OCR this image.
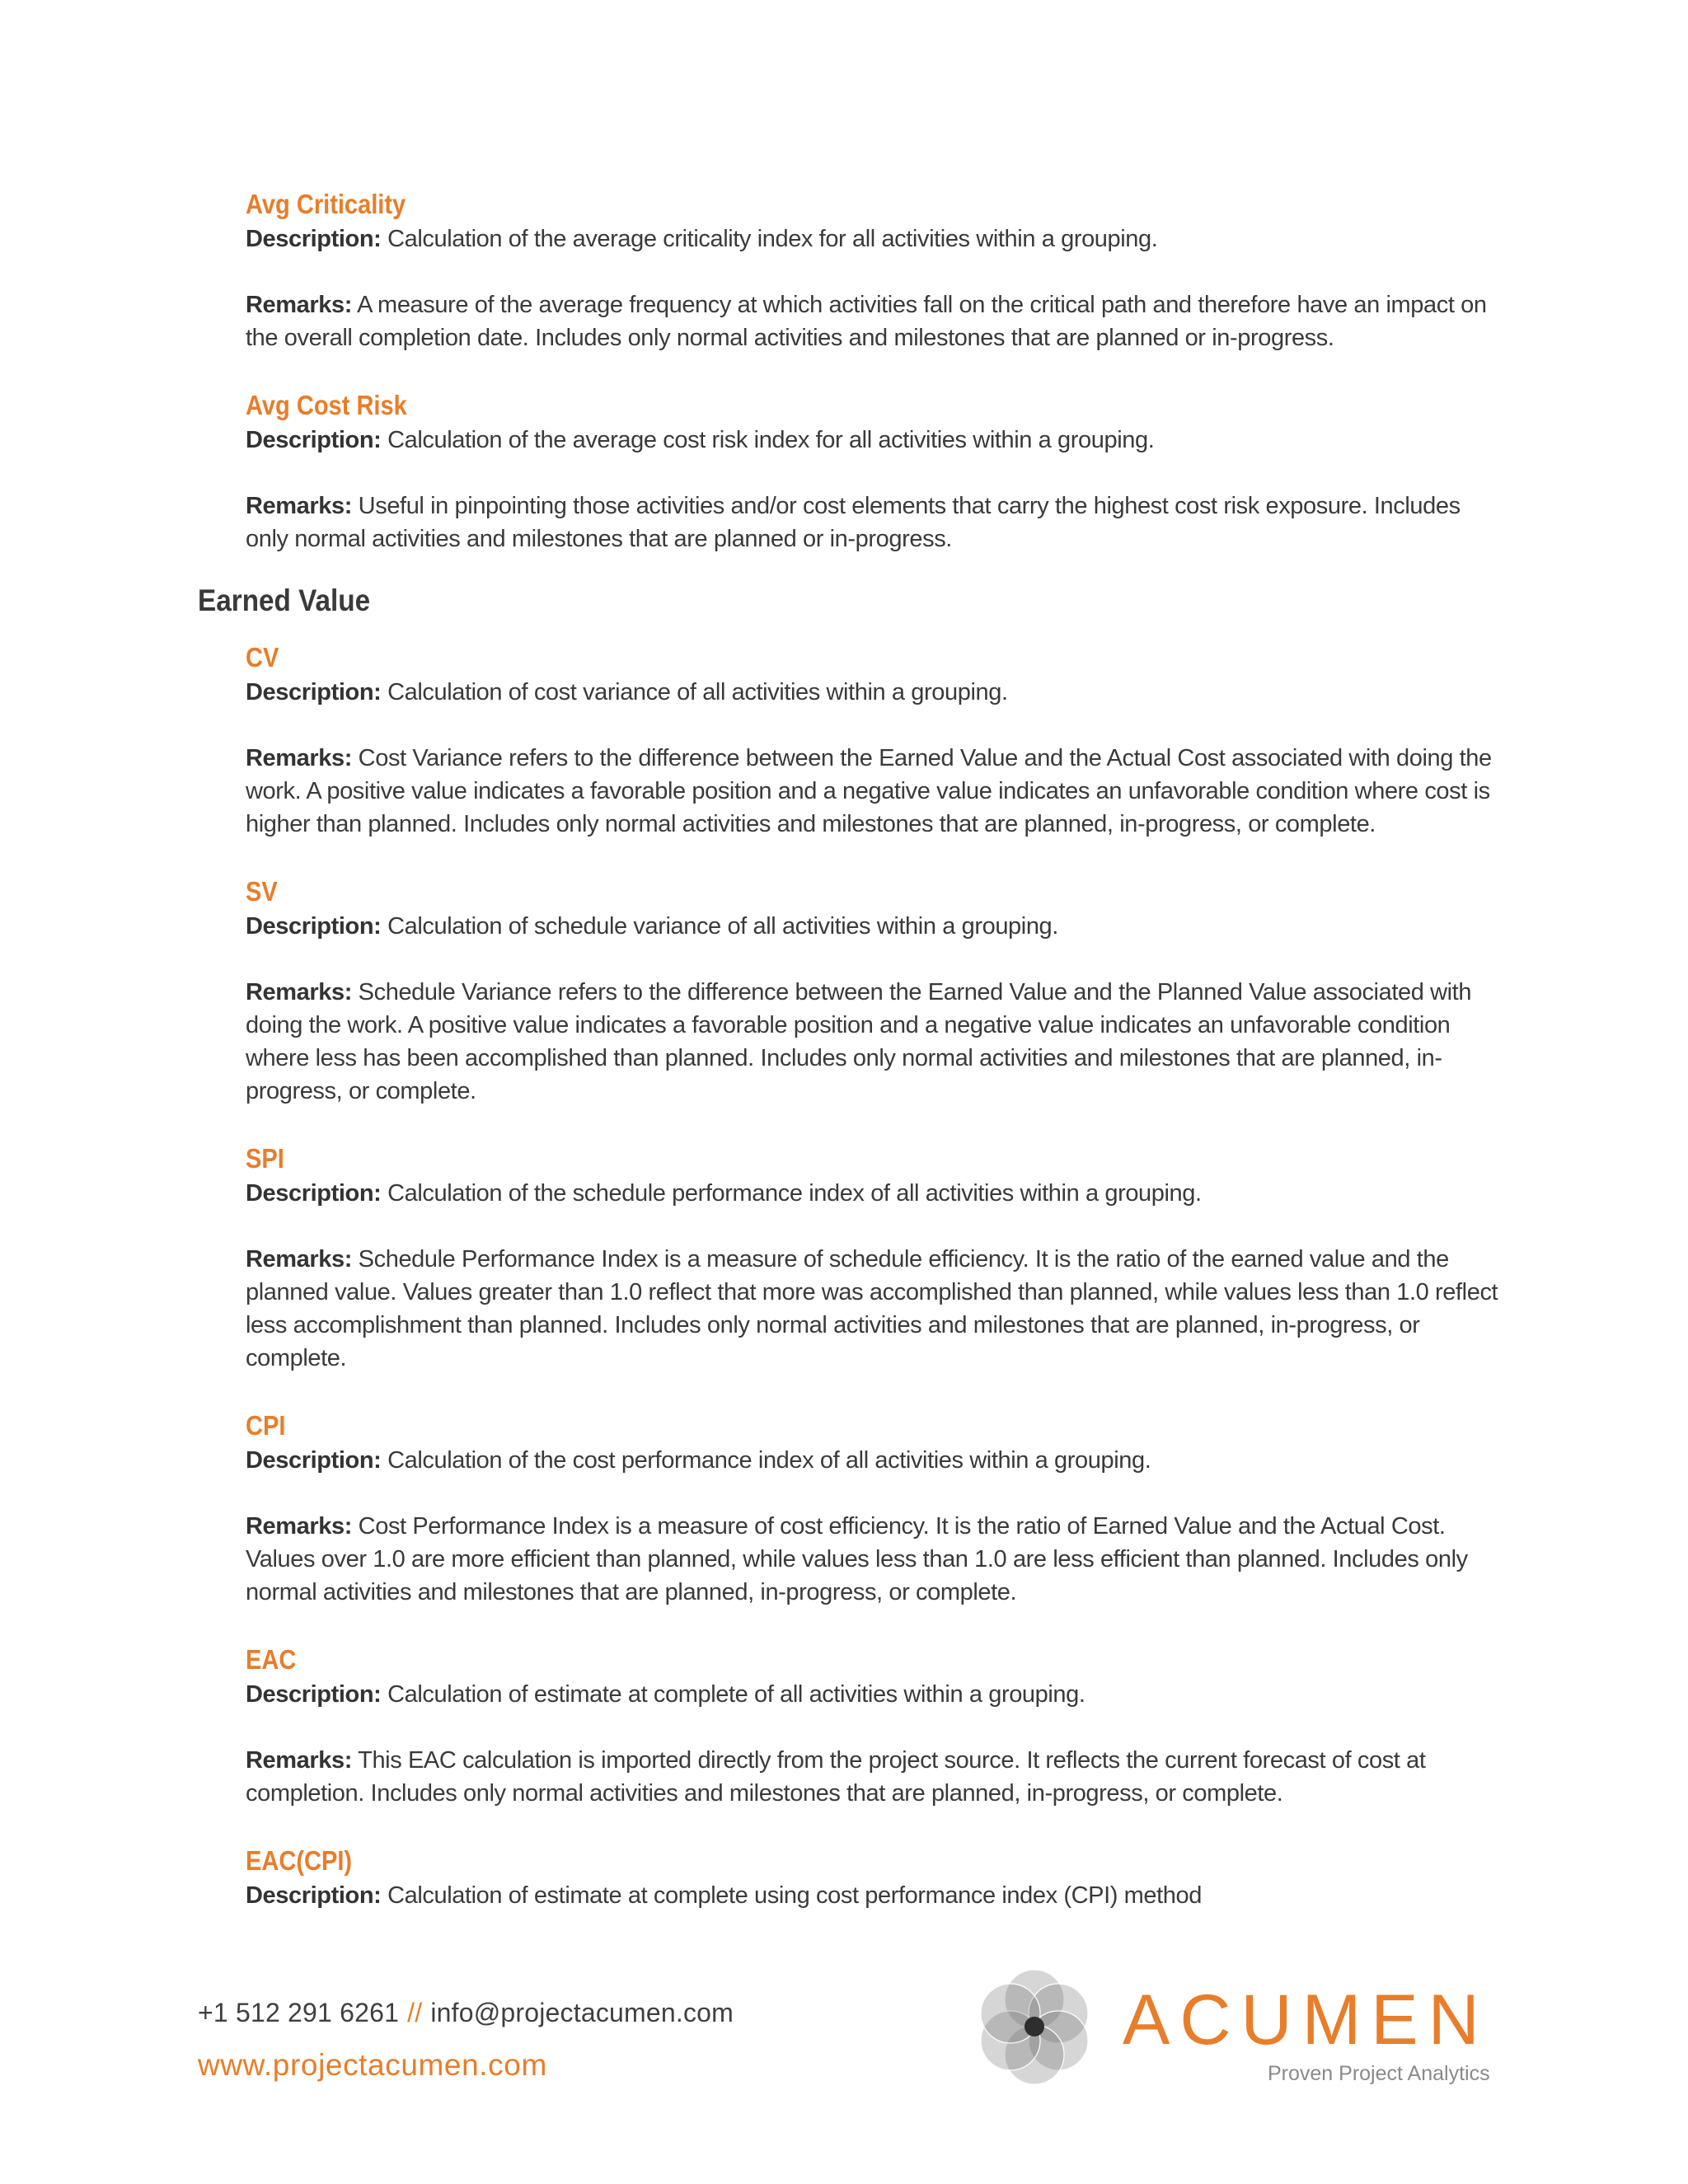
Avg Criticality

Description: Calculation of the average criticality index for all activities within a grouping.

Remarks: A measure of the average frequency at which activities fall on the critical path and therefore have an impact on the overall completion date. Includes only normal activities and milestones that are planned or in-progress.

Avg Cost Risk

Description: Calculation of the average cost risk index for all activities within a grouping.

Remarks: Useful in pinpointing those activities and/or cost elements that carry the highest cost risk exposure. Includes only normal activities and milestones that are planned or in-progress.

Earned Value

CV

Description: Calculation of cost variance of all activities within a grouping.

Remarks: Cost Variance refers to the difference between the Earned Value and the Actual Cost associated with doing the work. A positive value indicates a favorable position and a negative value indicates an unfavorable condition where cost is higher than planned. Includes only normal activities and milestones that are planned, in-progress, or complete.

SV

Description: Calculation of schedule variance of all activities within a grouping.

Remarks: Schedule Variance refers to the difference between the Earned Value and the Planned Value associated with doing the work. A positive value indicates a favorable position and a negative value indicates an unfavorable condition where less has been accomplished than planned. Includes only normal activities and milestones that are planned, in-progress, or complete.

SPI

Description: Calculation of the schedule performance index of all activities within a grouping.

Remarks: Schedule Performance Index is a measure of schedule efficiency. It is the ratio of the earned value and the planned value. Values greater than 1.0 reflect that more was accomplished than planned, while values less than 1.0 reflect less accomplishment than planned. Includes only normal activities and milestones that are planned, in-progress, or complete.

CPI

Description: Calculation of the cost performance index of all activities within a grouping.

Remarks: Cost Performance Index is a measure of cost efficiency. It is the ratio of Earned Value and the Actual Cost. Values over 1.0 are more efficient than planned, while values less than 1.0 are less efficient than planned. Includes only normal activities and milestones that are planned, in-progress, or complete.

EAC

Description: Calculation of estimate at complete of all activities within a grouping.

Remarks: This EAC calculation is imported directly from the project source. It reflects the current forecast of cost at completion. Includes only normal activities and milestones that are planned, in-progress, or complete.

EAC(CPI)

Description: Calculation of estimate at complete using cost performance index (CPI) method

+1 512 291 6261 // info@projectacumen.com
www.projectacumen.com
ACUMEN
Proven Project Analytics
